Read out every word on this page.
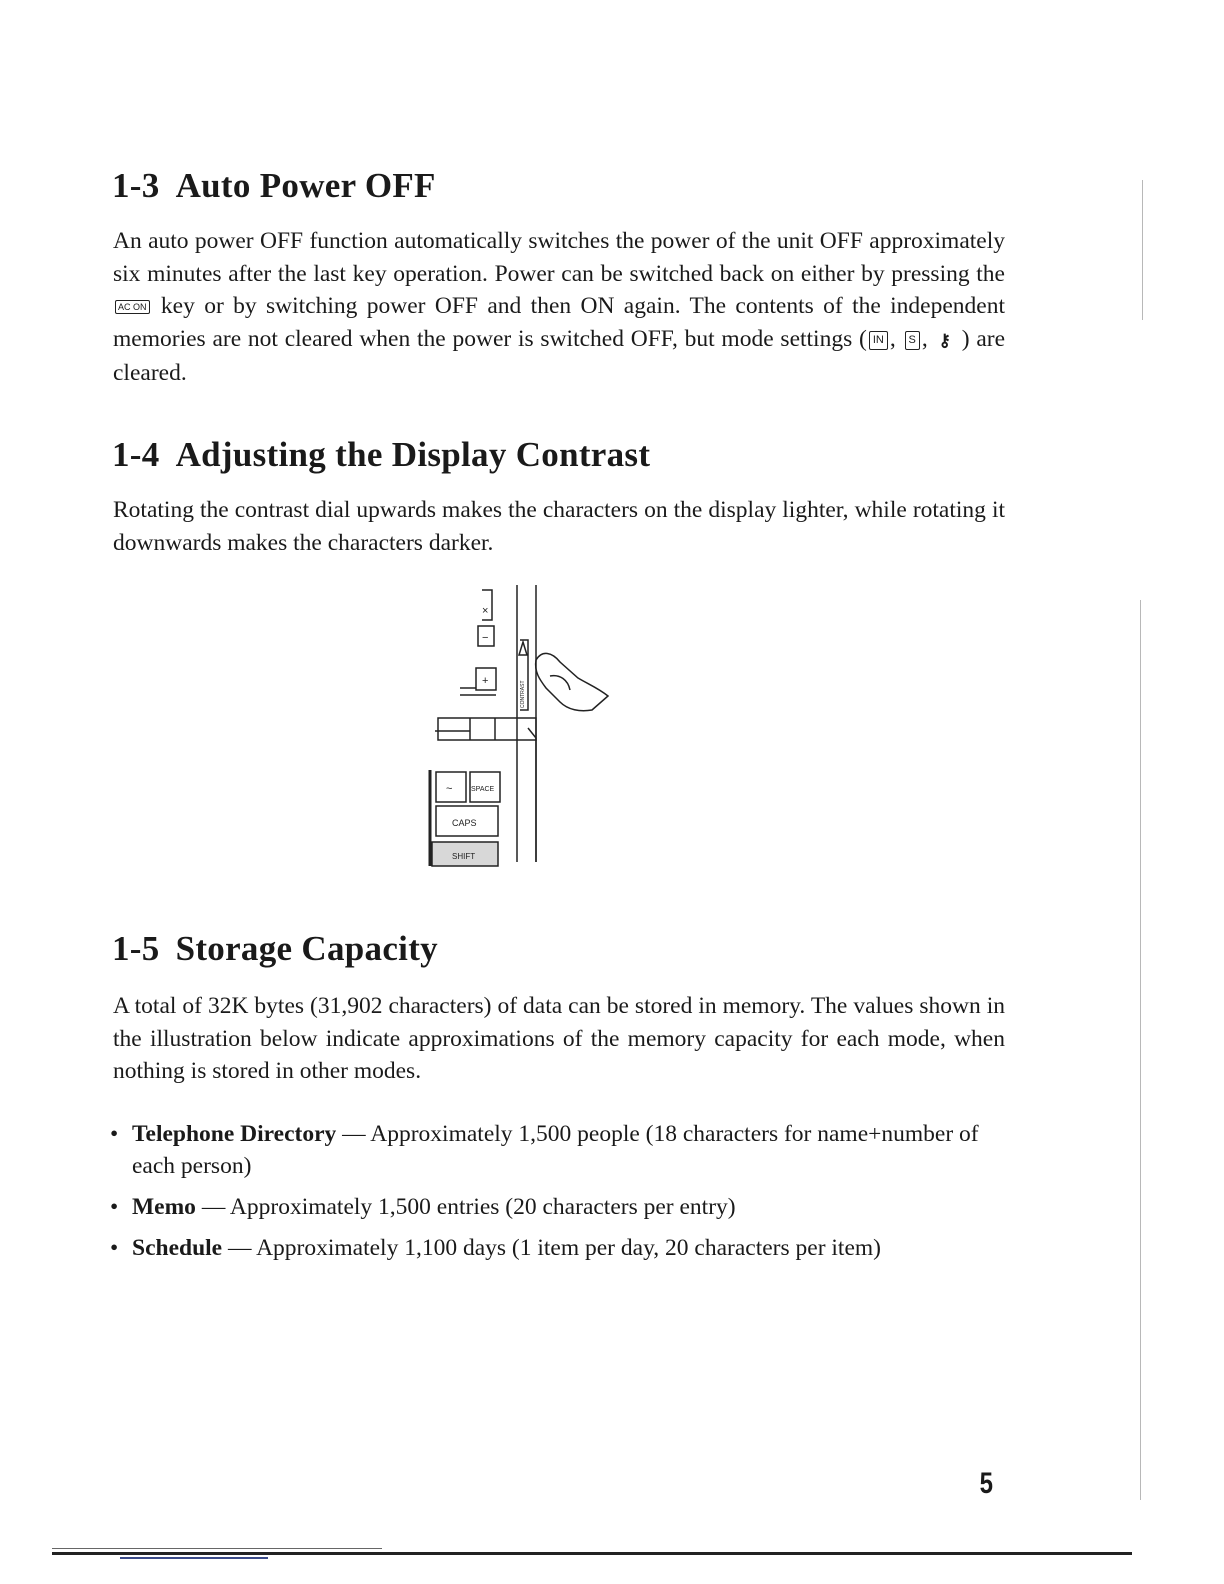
1-3 Auto Power OFF

An auto power OFF function automatically switches the power of the unit OFF approximately six minutes after the last key operation. Power can be switched back on either by pressing the AC ON key or by switching power OFF and then ON again. The contents of the independent memories are not cleared when the power is switched OFF, but mode settings ( IN , S , ⚷ ) are cleared.

1-4 Adjusting the Display Contrast

Rotating the contrast dial upwards makes the characters on the display lighter, while rotating it downwards makes the characters darker.

×
−
+
~	SPACE
CAPS
SHIFT
CONTRAST
1-5 Storage Capacity

A total of 32K bytes (31,902 characters) of data can be stored in memory. The values shown in the illustration below indicate approximations of the memory capacity for each mode, when nothing is stored in other modes.

• Telephone Directory — Approximately 1,500 people (18 characters for name+number of each person)
• Memo — Approximately 1,500 entries (20 characters per entry)
• Schedule — Approximately 1,100 days (1 item per day, 20 characters per item)
5
